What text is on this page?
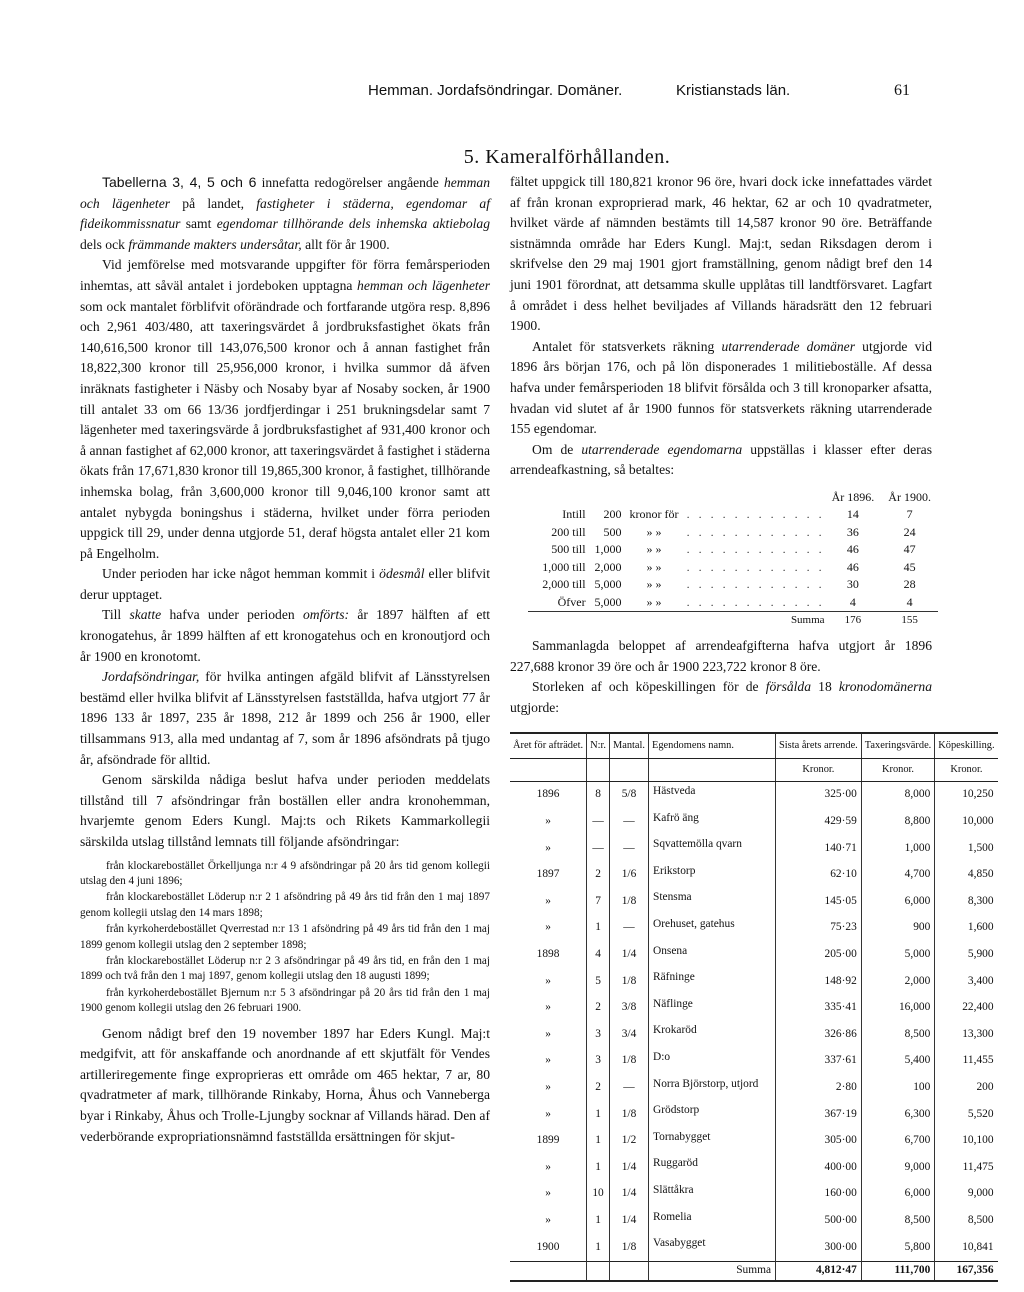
Hemman. Jordafsöndringar. Domäner.	Kristianstads län.	61
5. Kameralförhållanden.

Tabellerna 3, 4, 5 och 6 innefatta redogörelser angående hemman och lägenheter på landet, fastigheter i städerna, egendomar af fideikommissnatur samt egendomar tillhörande dels inhemska aktiebolag dels ock främmande makters undersåtar, allt för år 1900.

Vid jemförelse med motsvarande uppgifter för förra femårsperioden inhemtas, att såväl antalet i jordeboken upptagna hemman och lägenheter som ock mantalet förblifvit oförändrade och fortfarande utgöra resp. 8,896 och 2,961 403/480, att taxeringsvärdet å jordbruksfastighet ökats från 140,616,500 kronor till 143,076,500 kronor och å annan fastighet från 18,822,300 kronor till 25,956,000 kronor, i hvilka summor då äfven inräknats fastigheter i Näsby och Nosaby byar af Nosaby socken, år 1900 till antalet 33 om 66 13/36 jordfjerdingar i 251 brukningsdelar samt 7 lägenheter med taxeringsvärde å jordbruksfastighet af 931,400 kronor och å annan fastighet af 62,000 kronor, att taxeringsvärdet å fastighet i städerna ökats från 17,671,830 kronor till 19,865,300 kronor, å fastighet, tillhörande inhemska bolag, från 3,600,000 kronor till 9,046,100 kronor samt att antalet nybygda boningshus i städerna, hvilket under förra perioden uppgick till 29, under denna utgjorde 51, deraf högsta antalet eller 21 kom på Engelholm.

Under perioden har icke något hemman kommit i ödesmål eller blifvit derur upptaget.

Till skatte hafva under perioden omförts: år 1897 hälften af ett kronogatehus, år 1899 hälften af ett kronogatehus och en kronoutjord och år 1900 en kronotomt.

Jordafsöndringar, för hvilka antingen afgäld blifvit af Länsstyrelsen bestämd eller hvilka blifvit af Länsstyrelsen fastställda, hafva utgjort 77 år 1896 133 år 1897, 235 år 1898, 212 år 1899 och 256 år 1900, eller tillsammans 913, alla med undantag af 7, som år 1896 afsöndrats på tjugo år, afsöndrade för alltid.

Genom särskilda nådiga beslut hafva under perioden meddelats tillstånd till 7 afsöndringar från boställen eller andra kronohemman, hvarjemte genom Eders Kungl. Maj:ts och Rikets Kammarkollegii särskilda utslag tillstånd lemnats till följande afsöndringar:

från klockarebostället Örkelljunga n:r 4 9 afsöndringar på 20 års tid genom kollegii utslag den 4 juni 1896;

från klockarebostället Löderup n:r 2 1 afsöndring på 49 års tid från den 1 maj 1897 genom kollegii utslag den 14 mars 1898;

från kyrkoherdebostället Qverrestad n:r 13 1 afsöndring på 49 års tid från den 1 maj 1899 genom kollegii utslag den 2 september 1898;

från klockarebostället Löderup n:r 2 3 afsöndringar på 49 års tid, en från den 1 maj 1899 och två från den 1 maj 1897, genom kollegii utslag den 18 augusti 1899;

från kyrkoherdebostället Bjernum n:r 5 3 afsöndringar på 20 års tid från den 1 maj 1900 genom kollegii utslag den 26 februari 1900.

Genom nådigt bref den 19 november 1897 har Eders Kungl. Maj:t medgifvit, att för anskaffande och anordnande af ett skjutfält för Vendes artilleriregemente finge exproprieras ett område om 465 hektar, 7 ar, 80 qvadratmeter af mark, tillhörande Rinkaby, Horna, Åhus och Vanneberga byar i Rinkaby, Åhus och Trolle-Ljungby socknar af Villands härad. Den af vederbörande expropriationsnämnd fastställda ersättningen för skjut-

fältet uppgick till 180,821 kronor 96 öre, hvari dock icke innefattades värdet af från kronan exproprierad mark, 46 hektar, 62 ar och 10 qvadratmeter, hvilket värde af nämnden bestämts till 14,587 kronor 90 öre. Beträffande sistnämnda område har Eders Kungl. Maj:t, sedan Riksdagen derom i skrifvelse den 29 maj 1901 gjort framställning, genom nådigt bref den 14 juni 1901 förordnat, att detsamma skulle upplåtas till landtförsvaret. Lagfart å området i dess helhet beviljades af Villands häradsrätt den 12 februari 1900.

Antalet för statsverkets räkning utarrenderade domäner utgjorde vid 1896 års början 176, och på lön disponerades 1 militieboställe. Af dessa hafva under femårsperioden 18 blifvit försålda och 3 till kronoparker afsatta, hvadan vid slutet af år 1900 funnos för statsverkets räkning utarrenderade 155 egendomar.

Om de utarrenderade egendomarna uppställas i klasser efter deras arrendeafkastning, så betaltes:

				År 1896.	År 1900.
Intill	200	kronor för	. . . . . . . . . . . .	14	7
200 till	500	» »	. . . . . . . . . . . .	36	24
500 till	1,000	» »	. . . . . . . . . . . .	46	47
1,000 till	2,000	» »	. . . . . . . . . . . .	46	45
2,000 till	5,000	» »	. . . . . . . . . . . .	30	28
Öfver	5,000	» »	. . . . . . . . . . . .	4	4
			Summa	176	155

Sammanlagda beloppet af arrendeafgifterna hafva utgjort år 1896 227,688 kronor 39 öre och år 1900 223,722 kronor 8 öre.

Storleken af och köpeskillingen för de försålda 18 kronodomänerna utgjorde:

Året för afträdet.	N:r.	Mantal.	Egendomens namn.	Sista årets arrende.	Taxeringsvärde.	Köpeskilling.
				Kronor.	Kronor.	Kronor.
1896	8	5/8	Hästveda	325·00	8,000	10,250
»	—	—	Kafrö äng	429·59	8,800	10,000
»	—	—	Sqvattemölla qvarn	140·71	1,000	1,500
1897	2	1/6	Erikstorp	62·10	4,700	4,850
»	7	1/8	Stensma	145·05	6,000	8,300
»	1	—	Orehuset, gatehus	75·23	900	1,600
1898	4	1/4	Onsena	205·00	5,000	5,900
»	5	1/8	Räfninge	148·92	2,000	3,400
»	2	3/8	Näflinge	335·41	16,000	22,400
»	3	3/4	Krokaröd	326·86	8,500	13,300
»	3	1/8	D:o	337·61	5,400	11,455
»	2	—	Norra Björstorp, utjord	2·80	100	200
»	1	1/8	Grödstorp	367·19	6,300	5,520
1899	1	1/2	Tornabygget	305·00	6,700	10,100
»	1	1/4	Ruggaröd	400·00	9,000	11,475
»	10	1/4	Slättåkra	160·00	6,000	9,000
»	1	1/4	Romelia	500·00	8,500	8,500
1900	1	1/8	Vasabygget	300·00	5,800	10,841
			Summa	4,812·47	111,700	167,356
